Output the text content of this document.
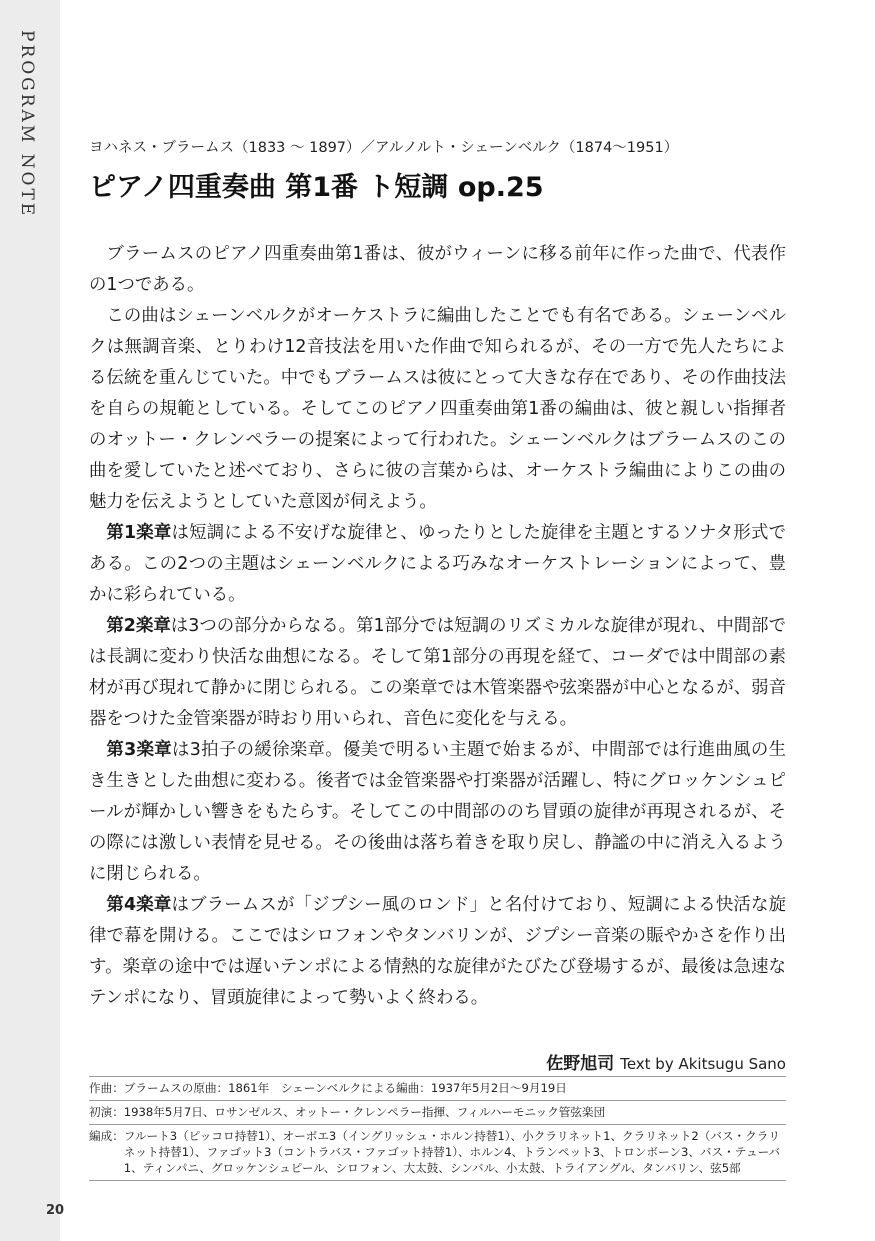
PROGRAM NOTE
20
ヨハネス・ブラームス（1833 ～ 1897）／アルノルト・シェーンベルク（1874～1951）
ピアノ四重奏曲 第1番 ト短調 op.25

ブラームスのピアノ四重奏曲第1番は、彼がウィーンに移る前年に作った曲で、代表作の1つである。

この曲はシェーンベルクがオーケストラに編曲したことでも有名である。シェーンベルクは無調音楽、とりわけ12音技法を用いた作曲で知られるが、その一方で先人たちによる伝統を重んじていた。中でもブラームスは彼にとって大きな存在であり、その作曲技法を自らの規範としている。そしてこのピアノ四重奏曲第1番の編曲は、彼と親しい指揮者のオットー・クレンペラーの提案によって行われた。シェーンベルクはブラームスのこの曲を愛していたと述べており、さらに彼の言葉からは、オーケストラ編曲によりこの曲の魅力を伝えようとしていた意図が伺えよう。

第1楽章は短調による不安げな旋律と、ゆったりとした旋律を主題とするソナタ形式である。この2つの主題はシェーンベルクによる巧みなオーケストレーションによって、豊かに彩られている。

第2楽章は3つの部分からなる。第1部分では短調のリズミカルな旋律が現れ、中間部では長調に変わり快活な曲想になる。そして第1部分の再現を経て、コーダでは中間部の素材が再び現れて静かに閉じられる。この楽章では木管楽器や弦楽器が中心となるが、弱音器をつけた金管楽器が時おり用いられ、音色に変化を与える。

第3楽章は3拍子の緩徐楽章。優美で明るい主題で始まるが、中間部では行進曲風の生き生きとした曲想に変わる。後者では金管楽器や打楽器が活躍し、特にグロッケンシュピールが輝かしい響きをもたらす。そしてこの中間部ののち冒頭の旋律が再現されるが、その際には激しい表情を見せる。その後曲は落ち着きを取り戻し、静謐の中に消え入るように閉じられる。

第4楽章はブラームスが「ジプシー風のロンド」と名付けており、短調による快活な旋律で幕を開ける。ここではシロフォンやタンバリンが、ジプシー音楽の賑やかさを作り出す。楽章の途中では遅いテンポによる情熱的な旋律がたびたび登場するが、最後は急速なテンポになり、冒頭旋律によって勢いよく終わる。

佐野旭司 Text by Akitsugu Sano
作曲：ブラームスの原曲：1861年　シェーンベルクによる編曲：1937年5月2日～9月19日
初演：1938年5月7日、ロサンゼルス、オットー・クレンペラー指揮、フィルハーモニック管弦楽団
編成： フルート3（ピッコロ持替1）、オーボエ3（イングリッシュ・ホルン持替1）、小クラリネット1、クラリネット2（バス・クラリネット持替1）、ファゴット3（コントラバス・ファゴット持替1）、ホルン4、トランペット3、トロンボーン3、バス・テューバ1、ティンパニ、グロッケンシュピール、シロフォン、大太鼓、シンバル、小太鼓、トライアングル、タンバリン、弦5部
